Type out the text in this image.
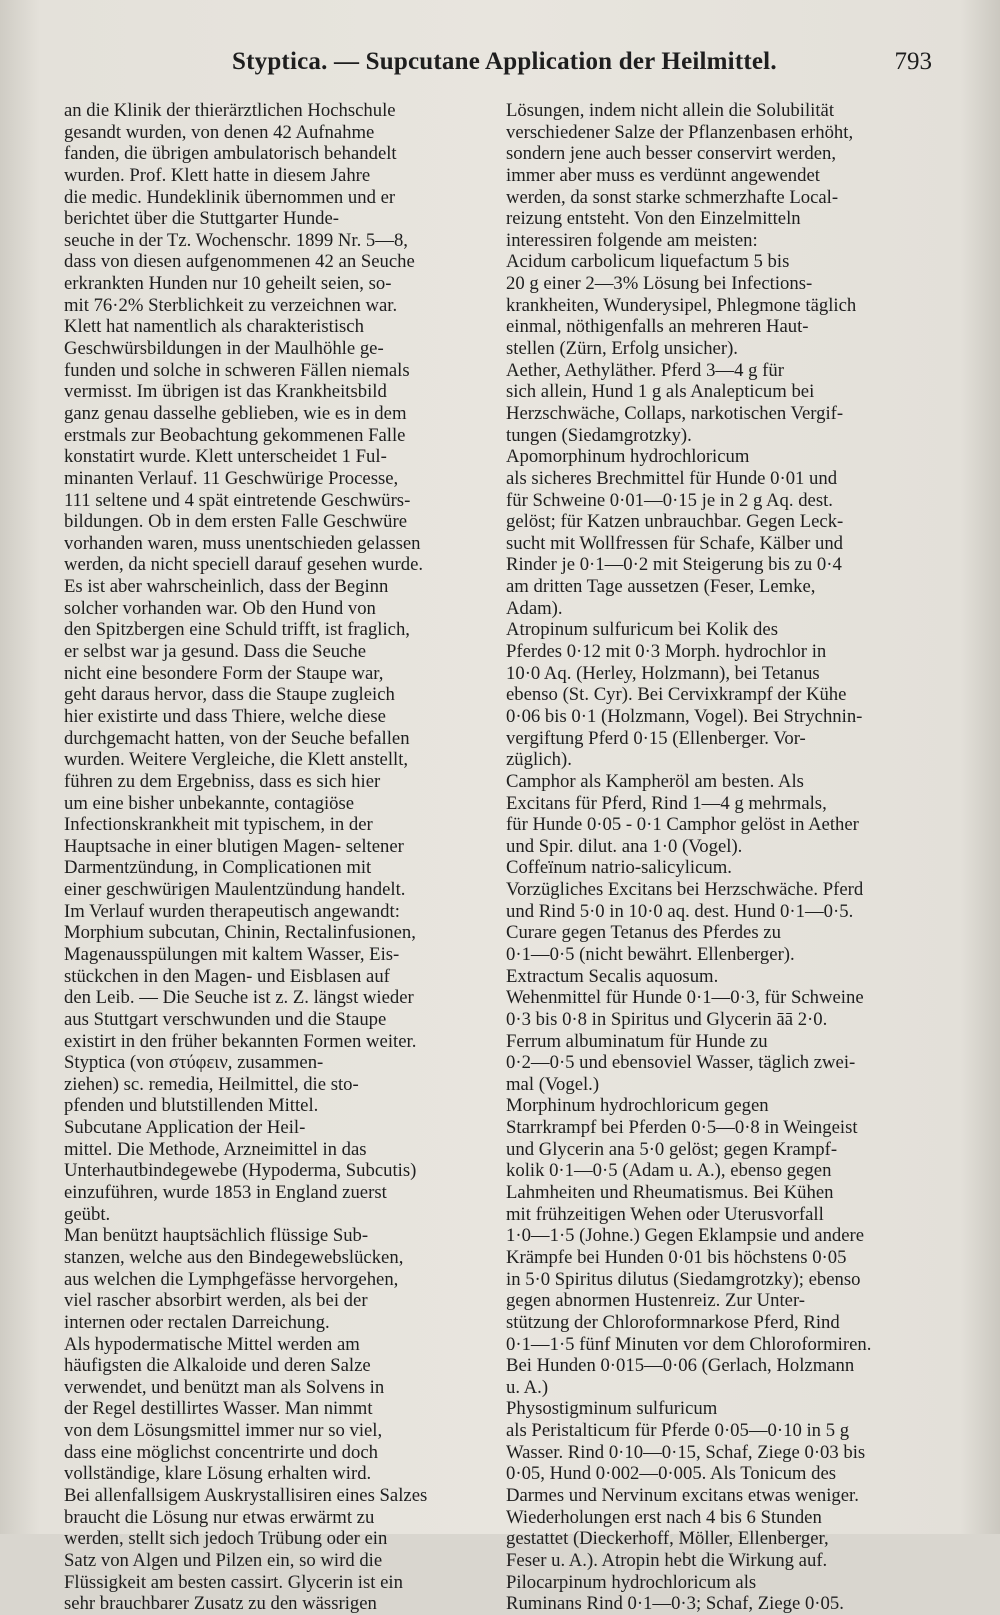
Styptica. — Supcutane Application der Heilmittel.	793
an die Klinik der thierärztlichen Hochschule
gesandt wurden, von denen 42 Aufnahme
fanden, die übrigen ambulatorisch behandelt
wurden. Prof. Klett hatte in diesem Jahre
die medic. Hundeklinik übernommen und er
berichtet über die Stuttgarter Hunde-
seuche in der Tz. Wochenschr. 1899 Nr. 5—8,
dass von diesen aufgenommenen 42 an Seuche
erkrankten Hunden nur 10 geheilt seien, so-
mit 76·2% Sterblichkeit zu verzeichnen war.
Klett hat namentlich als charakteristisch
Geschwürsbildungen in der Maulhöhle ge-
funden und solche in schweren Fällen niemals
vermisst. Im übrigen ist das Krankheitsbild
ganz genau dasselhe geblieben, wie es in dem
erstmals zur Beobachtung gekommenen Falle
konstatirt wurde. Klett unterscheidet 1 Ful-
minanten Verlauf. 11 Geschwürige Processe,
111 seltene und 4 spät eintretende Geschwürs-
bildungen. Ob in dem ersten Falle Geschwüre
vorhanden waren, muss unentschieden gelassen
werden, da nicht speciell darauf gesehen wurde.
Es ist aber wahrscheinlich, dass der Beginn
solcher vorhanden war. Ob den Hund von
den Spitzbergen eine Schuld trifft, ist fraglich,
er selbst war ja gesund. Dass die Seuche
nicht eine besondere Form der Staupe war,
geht daraus hervor, dass die Staupe zugleich
hier existirte und dass Thiere, welche diese
durchgemacht hatten, von der Seuche befallen
wurden. Weitere Vergleiche, die Klett anstellt,
führen zu dem Ergebniss, dass es sich hier
um eine bisher unbekannte, contagiöse
Infectionskrankheit mit typischem, in der
Hauptsache in einer blutigen Magen- seltener
Darmentzündung, in Complicationen mit
einer geschwürigen Maulentzündung handelt.
Im Verlauf wurden therapeutisch angewandt:
Morphium subcutan, Chinin, Rectalinfusionen,
Magenausspülungen mit kaltem Wasser, Eis-
stückchen in den Magen- und Eisblasen auf
den Leib. — Die Seuche ist z. Z. längst wieder
aus Stuttgart verschwunden und die Staupe
existirt in den früher bekannten Formen weiter.
Styptica (von στύφειν, zusammen-
ziehen) sc. remedia, Heilmittel, die sto-
pfenden und blutstillenden Mittel.
Subcutane Application der Heil-
mittel. Die Methode, Arzneimittel in das
Unterhautbindegewebe (Hypoderma, Subcutis)
einzuführen, wurde 1853 in England zuerst
geübt.
Man benützt hauptsächlich flüssige Sub-
stanzen, welche aus den Bindegewebslücken,
aus welchen die Lymphgefässe hervorgehen,
viel rascher absorbirt werden, als bei der
internen oder rectalen Darreichung.
Als hypodermatische Mittel werden am
häufigsten die Alkaloide und deren Salze
verwendet, und benützt man als Solvens in
der Regel destillirtes Wasser. Man nimmt
von dem Lösungsmittel immer nur so viel,
dass eine möglichst concentrirte und doch
vollständige, klare Lösung erhalten wird.
Bei allenfallsigem Auskrystallisiren eines Salzes
braucht die Lösung nur etwas erwärmt zu
werden, stellt sich jedoch Trübung oder ein
Satz von Algen und Pilzen ein, so wird die
Flüssigkeit am besten cassirt. Glycerin ist ein
sehr brauchbarer Zusatz zu den wässrigen
Lösungen, indem nicht allein die Solubilität
verschiedener Salze der Pflanzenbasen erhöht,
sondern jene auch besser conservirt werden,
immer aber muss es verdünnt angewendet
werden, da sonst starke schmerzhafte Local-
reizung entsteht. Von den Einzelmitteln
interessiren folgende am meisten:
Acidum carbolicum liquefactum 5 bis
20 g einer 2—3% Lösung bei Infections-
krankheiten, Wunderysipel, Phlegmone täglich
einmal, nöthigenfalls an mehreren Haut-
stellen (Zürn, Erfolg unsicher).
Aether, Aethyläther. Pferd 3—4 g für
sich allein, Hund 1 g als Analepticum bei
Herzschwäche, Collaps, narkotischen Vergif-
tungen (Siedamgrotzky).
Apomorphinum hydrochloricum
als sicheres Brechmittel für Hunde 0·01 und
für Schweine 0·01—0·15 je in 2 g Aq. dest.
gelöst; für Katzen unbrauchbar. Gegen Leck-
sucht mit Wollfressen für Schafe, Kälber und
Rinder je 0·1—0·2 mit Steigerung bis zu 0·4
am dritten Tage aussetzen (Feser, Lemke,
Adam).
Atropinum sulfuricum bei Kolik des
Pferdes 0·12 mit 0·3 Morph. hydrochlor in
10·0 Aq. (Herley, Holzmann), bei Tetanus
ebenso (St. Cyr). Bei Cervixkrampf der Kühe
0·06 bis 0·1 (Holzmann, Vogel). Bei Strychnin-
vergiftung Pferd 0·15 (Ellenberger. Vor-
züglich).
Camphor als Kampheröl am besten. Als
Excitans für Pferd, Rind 1—4 g mehrmals,
für Hunde 0·05 - 0·1 Camphor gelöst in Aether
und Spir. dilut. ana 1·0 (Vogel).
Coffeïnum natrio-salicylicum.
Vorzügliches Excitans bei Herzschwäche. Pferd
und Rind 5·0 in 10·0 aq. dest. Hund 0·1—0·5.
Curare gegen Tetanus des Pferdes zu
0·1—0·5 (nicht bewährt. Ellenberger).
Extractum Secalis aquosum.
Wehenmittel für Hunde 0·1—0·3, für Schweine
0·3 bis 0·8 in Spiritus und Glycerin āā 2·0.
Ferrum albuminatum für Hunde zu
0·2—0·5 und ebensoviel Wasser, täglich zwei-
mal (Vogel.)
Morphinum hydrochloricum gegen
Starrkrampf bei Pferden 0·5—0·8 in Weingeist
und Glycerin ana 5·0 gelöst; gegen Krampf-
kolik 0·1—0·5 (Adam u. A.), ebenso gegen
Lahmheiten und Rheumatismus. Bei Kühen
mit frühzeitigen Wehen oder Uterusvorfall
1·0—1·5 (Johne.) Gegen Eklampsie und andere
Krämpfe bei Hunden 0·01 bis höchstens 0·05
in 5·0 Spiritus dilutus (Siedamgrotzky); ebenso
gegen abnormen Hustenreiz. Zur Unter-
stützung der Chloroformnarkose Pferd, Rind
0·1—1·5 fünf Minuten vor dem Chloroformiren.
Bei Hunden 0·015—0·06 (Gerlach, Holzmann
u. A.)
Physostigminum sulfuricum
als Peristalticum für Pferde 0·05—0·10 in 5 g
Wasser. Rind 0·10—0·15, Schaf, Ziege 0·03 bis
0·05, Hund 0·002—0·005. Als Tonicum des
Darmes und Nervinum excitans etwas weniger.
Wiederholungen erst nach 4 bis 6 Stunden
gestattet (Dieckerhoff, Möller, Ellenberger,
Feser u. A.). Atropin hebt die Wirkung auf.
Pilocarpinum hydrochloricum als
Ruminans Rind 0·1—0·3; Schaf, Ziege 0·05.
